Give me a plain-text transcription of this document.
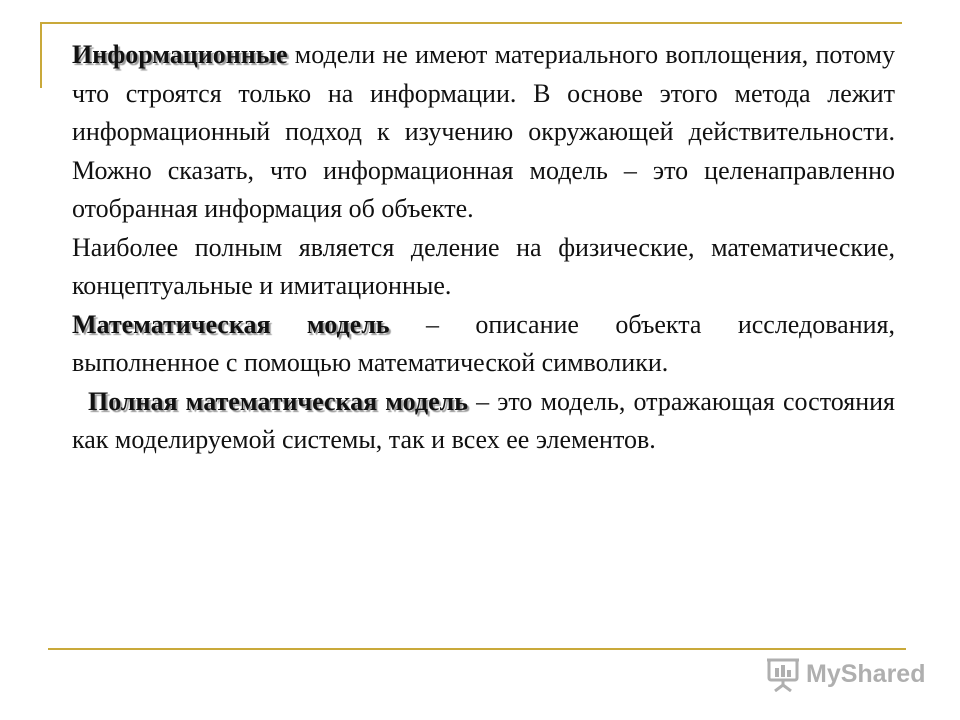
Информационные модели не имеют материального воплощения, потому что строятся только на информации. В основе этого метода лежит информационный подход к изучению окружающей действительности. Можно сказать, что информационная модель – это целенаправленно отобранная информация об объекте.

Наиболее полным является деление на физические, математические, концептуальные и имитационные.

Математическая модель – описание объекта исследования, выполненное с помощью математической символики.

Полная математическая модель – это модель, отражающая состояния как моделируемой системы, так и всех ее элементов.

MyShared
